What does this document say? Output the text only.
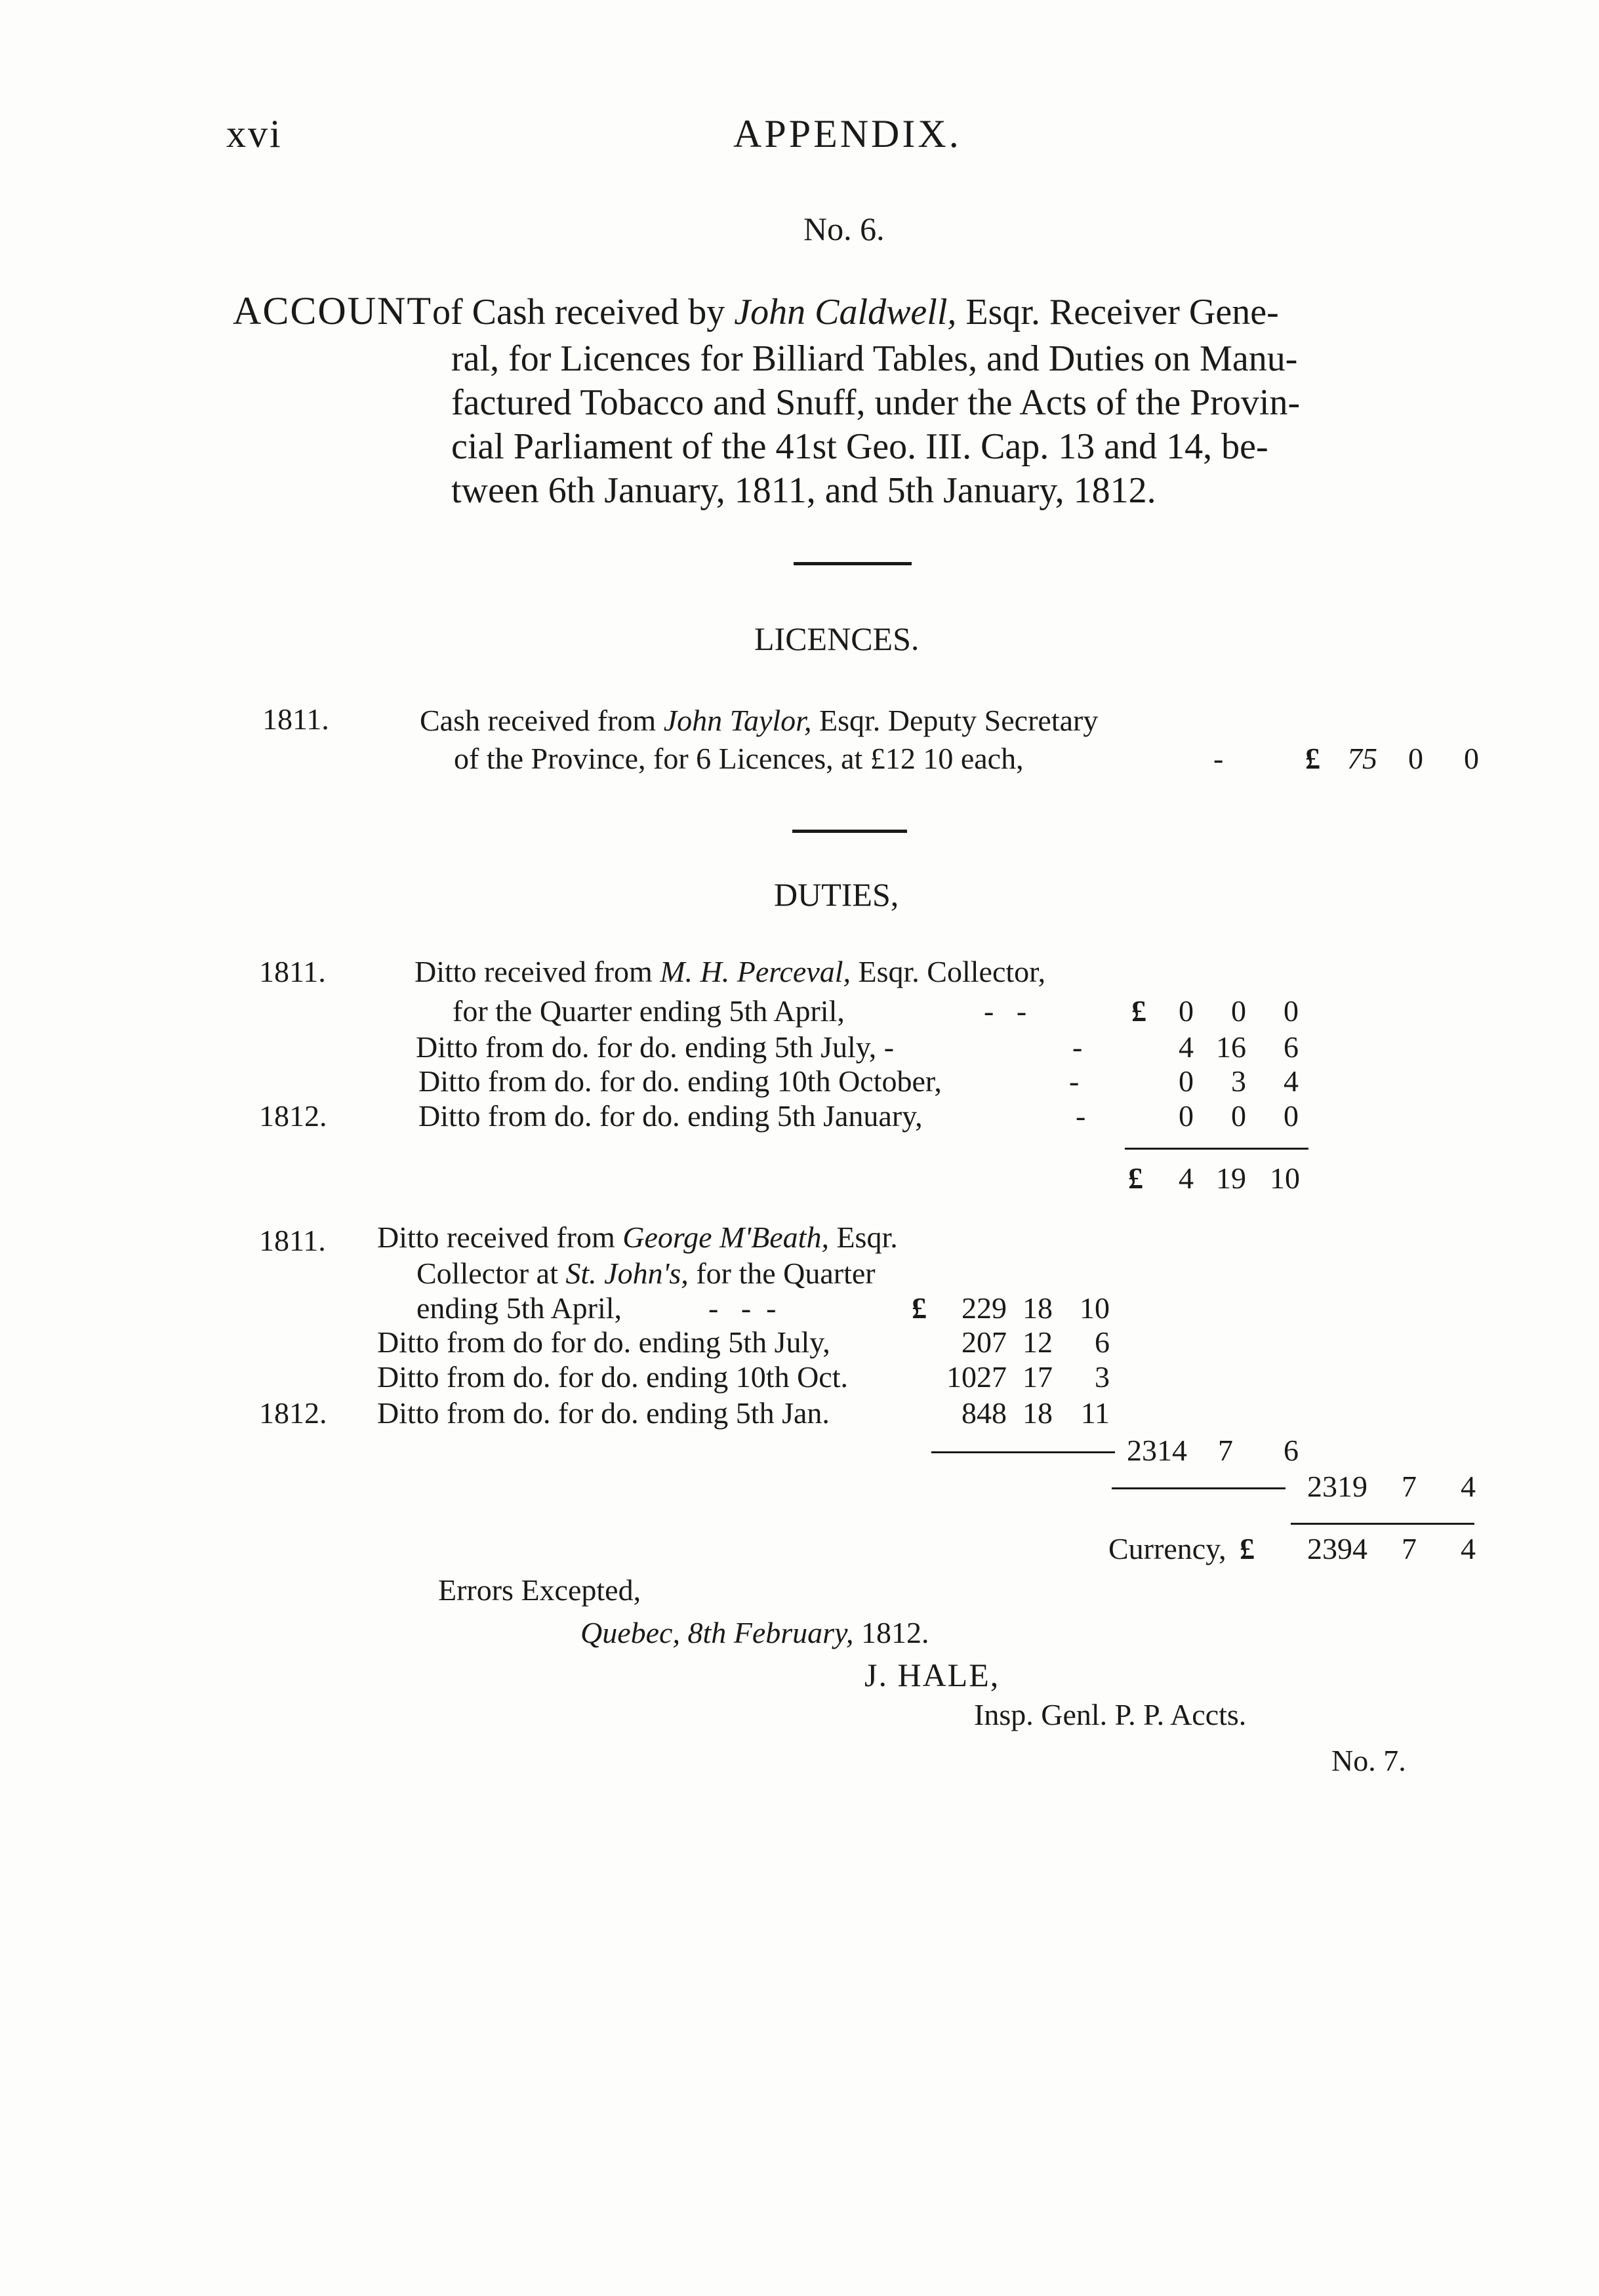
xvi	APPENDIX.
No. 6.
ACCOUNTof Cash received by John Caldwell, Esqr. Receiver Gene-
ral, for Licences for Billiard Tables, and Duties on Manu-
factured Tobacco and Snuff, under the Acts of the Provin-
cial Parliament of the 41st Geo. III. Cap. 13 and 14, be-
tween 6th January, 1811, and 5th January, 1812.
LICENCES.
1811.	Cash received from John Taylor, Esqr. Deputy Secretary
of the Province, for 6 Licences, at £12 10 each,	-	£ 75	0	0
DUTIES,
1811.	Ditto received from M. H. Perceval, Esqr. Collector,
for the Quarter ending 5th April,	-   -	£	0	0	0
Ditto from do. for do. ending 5th July, -	-	4 16	6
Ditto from do. for do. ending 10th October,	-	0	3	4
1812.	Ditto from do. for do. ending 5th January,	-	0	0	0
£	4 19 10
1811. Ditto received from George M'Beath, Esqr.
Collector at St. John's, for the Quarter
ending 5th April,	-   -  -	£	229 18 10
Ditto from do for do. ending 5th July,	207 12	6
Ditto from do. for do. ending 10th Oct.	1027 17	3
1812. Ditto from do. for do. ending 5th Jan.	848 18 11
2314	7	6
2319	7	4
Currency, £	2394	7	4
Errors Excepted,
Quebec, 8th February, 1812.
J. HALE,
Insp. Genl. P. P. Accts.
No. 7.
